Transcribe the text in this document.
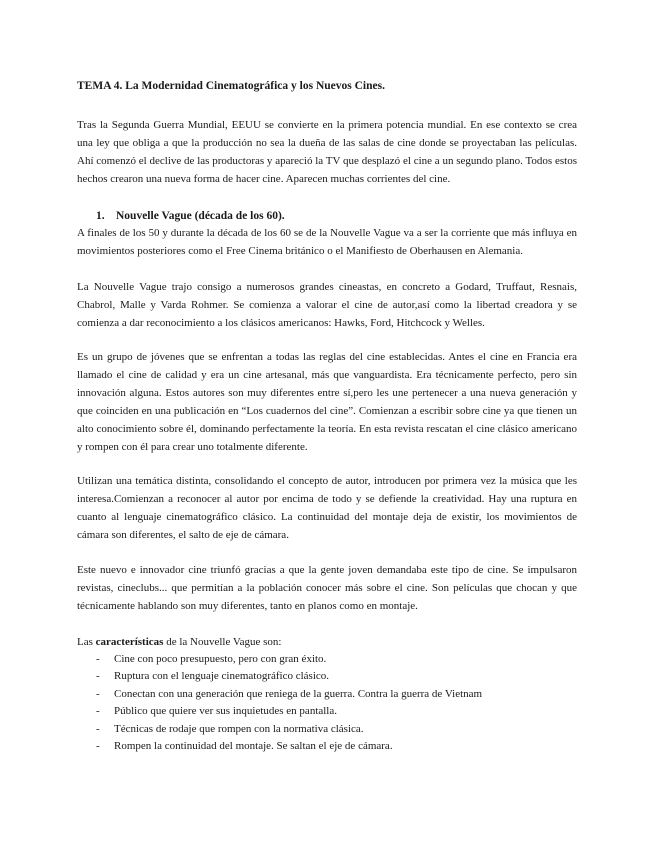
TEMA 4. La Modernidad Cinematográfica y los Nuevos Cines.

Tras la Segunda Guerra Mundial, EEUU se convierte en la primera potencia mundial. En ese contexto se crea una ley que obliga a que la producción no sea la dueña de las salas de cine donde se proyectaban las películas. Ahí comenzó el declive de las productoras y apareció la TV que desplazó el cine a un segundo plano. Todos estos hechos crearon una nueva forma de hacer cine. Aparecen muchas corrientes del cine.

1. Nouvelle Vague (década de los 60).

A finales de los 50 y durante la década de los 60 se de la Nouvelle Vague va a ser la corriente que más influya en movimientos posteriores como el Free Cinema británico o el Manifiesto de Oberhausen en Alemania.

La Nouvelle Vague trajo consigo a numerosos grandes cineastas, en concreto a Godard, Truffaut, Resnais, Chabrol, Malle y Varda Rohmer. Se comienza a valorar el cine de autor,así como la libertad creadora y se comienza a dar reconocimiento a los clásicos americanos: Hawks, Ford, Hitchcock y Welles.

Es un grupo de jóvenes que se enfrentan a todas las reglas del cine establecidas. Antes el cine en Francia era llamado el cine de calidad y era un cine artesanal, más que vanguardista. Era técnicamente perfecto, pero sin innovación alguna. Estos autores son muy diferentes entre sí,pero les une pertenecer a una nueva generación y que coinciden en una publicación en “Los cuadernos del cine”. Comienzan a escribir sobre cine ya que tienen un alto conocimiento sobre él, dominando perfectamente la teoría. En esta revista rescatan el cine clásico americano y rompen con él para crear uno totalmente diferente.

Utilizan una temática distinta, consolidando el concepto de autor, introducen por primera vez la música que les interesa.Comienzan a reconocer al autor por encima de todo y se defiende la creatividad. Hay una ruptura en cuanto al lenguaje cinematográfico clásico. La continuidad del montaje deja de existir, los movimientos de cámara son diferentes, el salto de eje de cámara.

Este nuevo e innovador cine triunfó gracias a que la gente joven demandaba este tipo de cine. Se impulsaron revistas, cineclubs... que permitían a la población conocer más sobre el cine. Son películas que chocan y que técnicamente hablando son muy diferentes, tanto en planos como en montaje.

Las características de la Nouvelle Vague son:

- Cine con poco presupuesto, pero con gran éxito.
- Ruptura con el lenguaje cinematográfico clásico.
- Conectan con una generación que reniega de la guerra. Contra la guerra de Vietnam
- Público que quiere ver sus inquietudes en pantalla.
- Técnicas de rodaje que rompen con la normativa clásica.
- Rompen la continuidad del montaje. Se saltan el eje de cámara.
